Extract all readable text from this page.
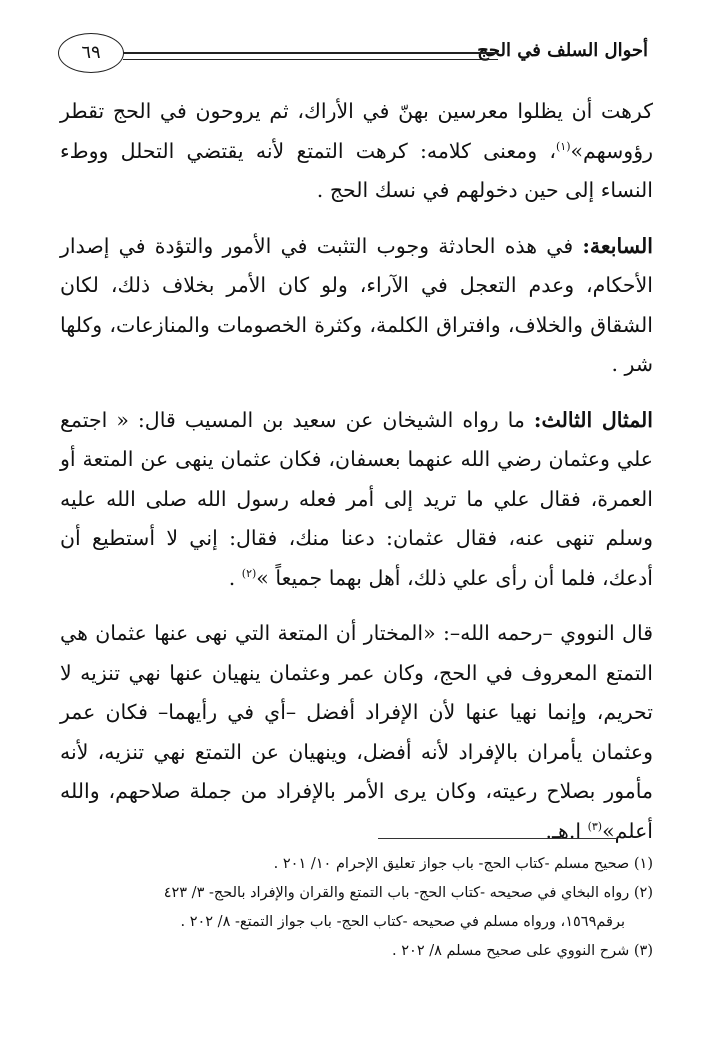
أحوال السلف في الحج
٦٩

كرهت أن يظلوا معرسين بهنّ في الأراك، ثم يروحون في الحج تقطر رؤوسهم»$^{(١)}$، ومعنى كلامه: كرهت التمتع لأنه يقتضي التحلل ووطء النساء إلى حين دخولهم في نسك الحج .

السابعة: في هذه الحادثة وجوب التثبت في الأمور والتؤدة في إصدار الأحكام، وعدم التعجل في الآراء، ولو كان الأمر بخلاف ذلك، لكان الشقاق والخلاف، وافتراق الكلمة، وكثرة الخصومات والمنازعات، وكلها شر .

المثال الثالث: ما رواه الشيخان عن سعيد بن المسيب قال: « اجتمع علي وعثمان رضي الله عنهما بعسفان، فكان عثمان ينهى عن المتعة أو العمرة، فقال علي ما تريد إلى أمر فعله رسول الله صلى الله عليه وسلم تنهى عنه، فقال عثمان: دعنا منك، فقال: إني لا أستطيع أن أدعك، فلما أن رأى علي ذلك، أهل بهما جميعاً »$^{(٢)}$ .

قال النووي –رحمه الله–: «المختار أن المتعة التي نهى عنها عثمان هي التمتع المعروف في الحج، وكان عمر وعثمان ينهيان عنها نهي تنزيه لا تحريم، وإنما نهيا عنها لأن الإفراد أفضل –أي في رأيهما– فكان عمر وعثمان يأمران بالإفراد لأنه أفضل، وينهيان عن التمتع نهي تنزيه، لأنه مأمور بصلاح رعيته، وكان يرى الأمر بالإفراد من جملة صلاحهم، والله أعلم»$^{(٣)}$ ا.هـ.

(١) صحيح مسلم -كتاب الحج- باب جواز تعليق الإحرام ١٠/ ٢٠١ .

(٢) رواه البخاي في صحيحه -كتاب الحج- باب التمتع والقران والإفراد بالحج- ٣/ ٤٢٣

برقم١٥٦٩، ورواه مسلم في صحيحه -كتاب الحج- باب جواز التمتع- ٨/ ٢٠٢ .

(٣) شرح النووي على صحيح مسلم ٨/ ٢٠٢ .
